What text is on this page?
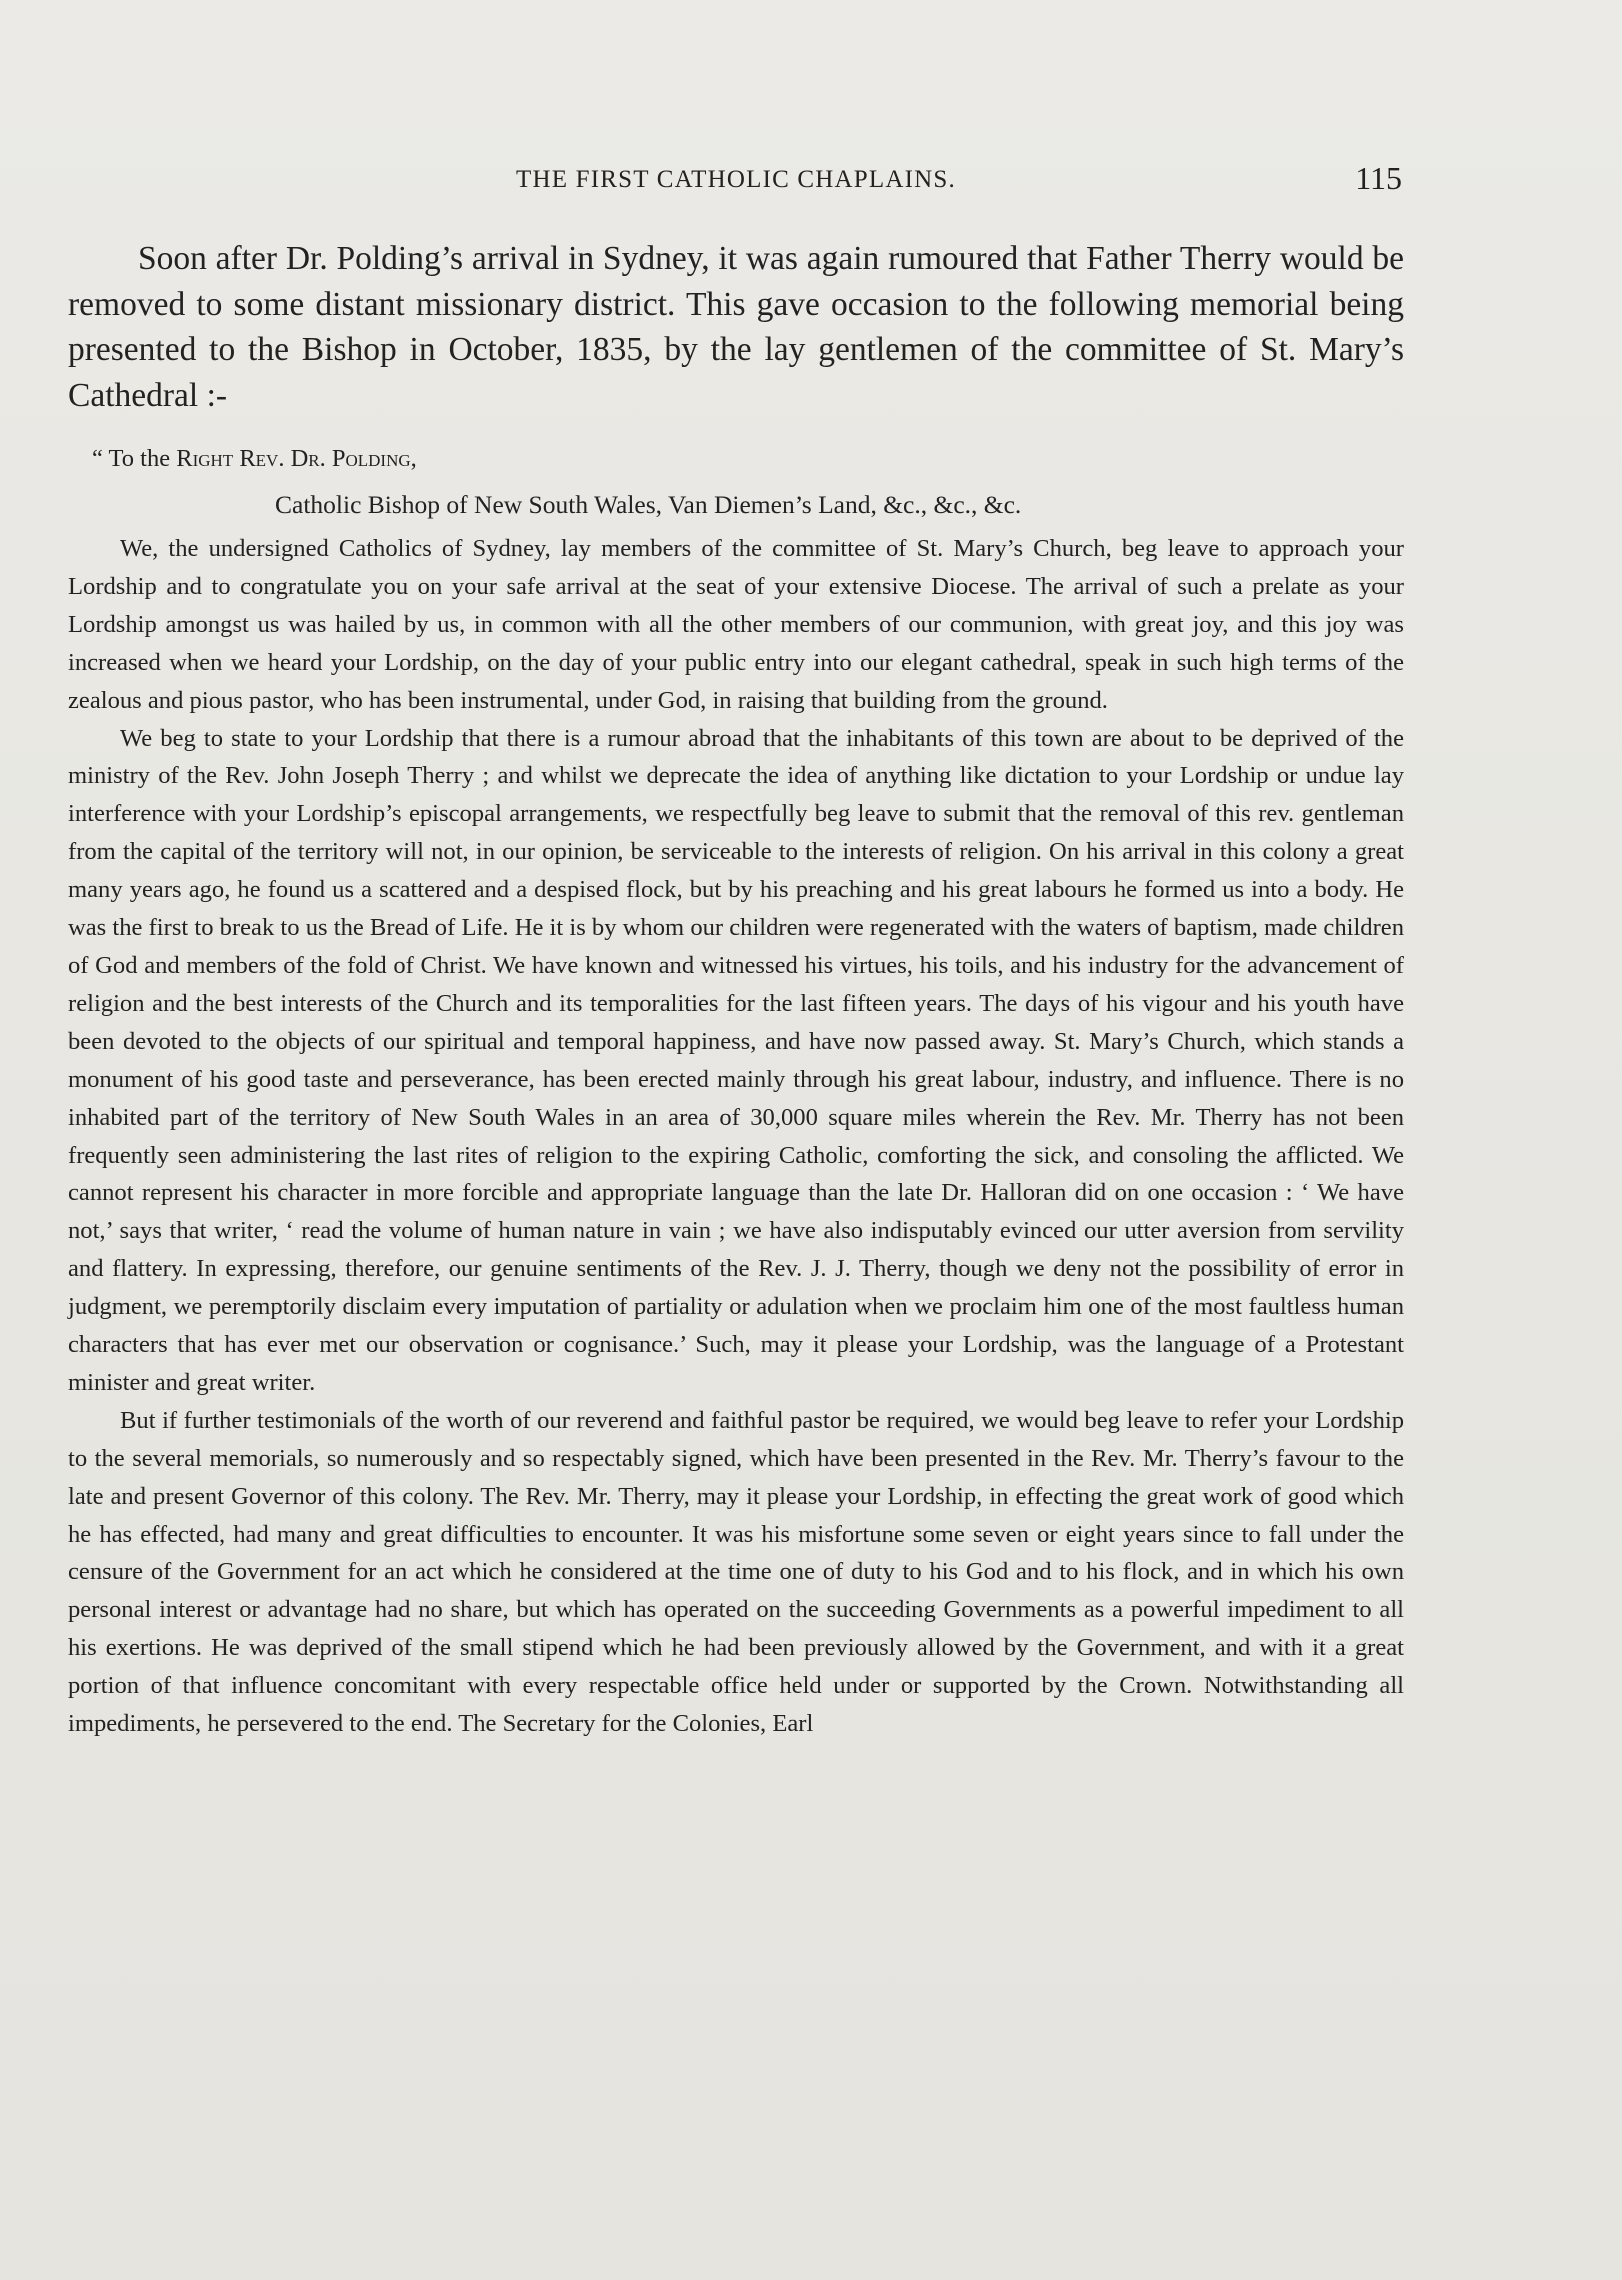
THE FIRST CATHOLIC CHAPLAINS.	115

Soon after Dr. Polding’s arrival in Sydney, it was again rumoured that Father Therry would be removed to some distant missionary district. This gave occasion to the following memorial being presented to the Bishop in October, 1835, by the lay gentlemen of the committee of St. Mary’s Cathedral :-

“ To the Right Rev. Dr. Polding,

Catholic Bishop of New South Wales, Van Diemen’s Land, &c., &c., &c.

We, the undersigned Catholics of Sydney, lay members of the committee of St. Mary’s Church, beg leave to approach your Lordship and to congratulate you on your safe arrival at the seat of your extensive Diocese. The arrival of such a prelate as your Lordship amongst us was hailed by us, in common with all the other members of our communion, with great joy, and this joy was increased when we heard your Lordship, on the day of your public entry into our elegant cathedral, speak in such high terms of the zealous and pious pastor, who has been instrumental, under God, in raising that building from the ground.

We beg to state to your Lordship that there is a rumour abroad that the inhabitants of this town are about to be deprived of the ministry of the Rev. John Joseph Therry ; and whilst we deprecate the idea of anything like dictation to your Lordship or undue lay interference with your Lordship’s episcopal arrangements, we respectfully beg leave to submit that the removal of this rev. gentleman from the capital of the territory will not, in our opinion, be serviceable to the interests of religion. On his arrival in this colony a great many years ago, he found us a scattered and a despised flock, but by his preaching and his great labours he formed us into a body. He was the first to break to us the Bread of Life. He it is by whom our children were regenerated with the waters of baptism, made children of God and members of the fold of Christ. We have known and witnessed his virtues, his toils, and his industry for the advancement of religion and the best interests of the Church and its temporalities for the last fifteen years. The days of his vigour and his youth have been devoted to the objects of our spiritual and temporal happiness, and have now passed away. St. Mary’s Church, which stands a monument of his good taste and perseverance, has been erected mainly through his great labour, industry, and influence. There is no inhabited part of the territory of New South Wales in an area of 30,000 square miles wherein the Rev. Mr. Therry has not been frequently seen administering the last rites of religion to the expiring Catholic, comforting the sick, and consoling the afflicted. We cannot represent his character in more forcible and appropriate language than the late Dr. Halloran did on one occasion : ‘ We have not,’ says that writer, ‘ read the volume of human nature in vain ; we have also indisputably evinced our utter aversion from servility and flattery. In expressing, therefore, our genuine sentiments of the Rev. J. J. Therry, though we deny not the possibility of error in judgment, we peremptorily disclaim every imputation of partiality or adulation when we proclaim him one of the most faultless human characters that has ever met our observation or cognisance.’ Such, may it please your Lordship, was the language of a Protestant minister and great writer.

But if further testimonials of the worth of our reverend and faithful pastor be required, we would beg leave to refer your Lordship to the several memorials, so numerously and so respectably signed, which have been presented in the Rev. Mr. Therry’s favour to the late and present Governor of this colony. The Rev. Mr. Therry, may it please your Lordship, in effecting the great work of good which he has effected, had many and great difficulties to encounter. It was his misfortune some seven or eight years since to fall under the censure of the Government for an act which he considered at the time one of duty to his God and to his flock, and in which his own personal interest or advantage had no share, but which has operated on the succeeding Governments as a powerful impediment to all his exertions. He was deprived of the small stipend which he had been previously allowed by the Government, and with it a great portion of that influence concomitant with every respectable office held under or supported by the Crown. Notwithstanding all impediments, he persevered to the end. The Secretary for the Colonies, Earl
